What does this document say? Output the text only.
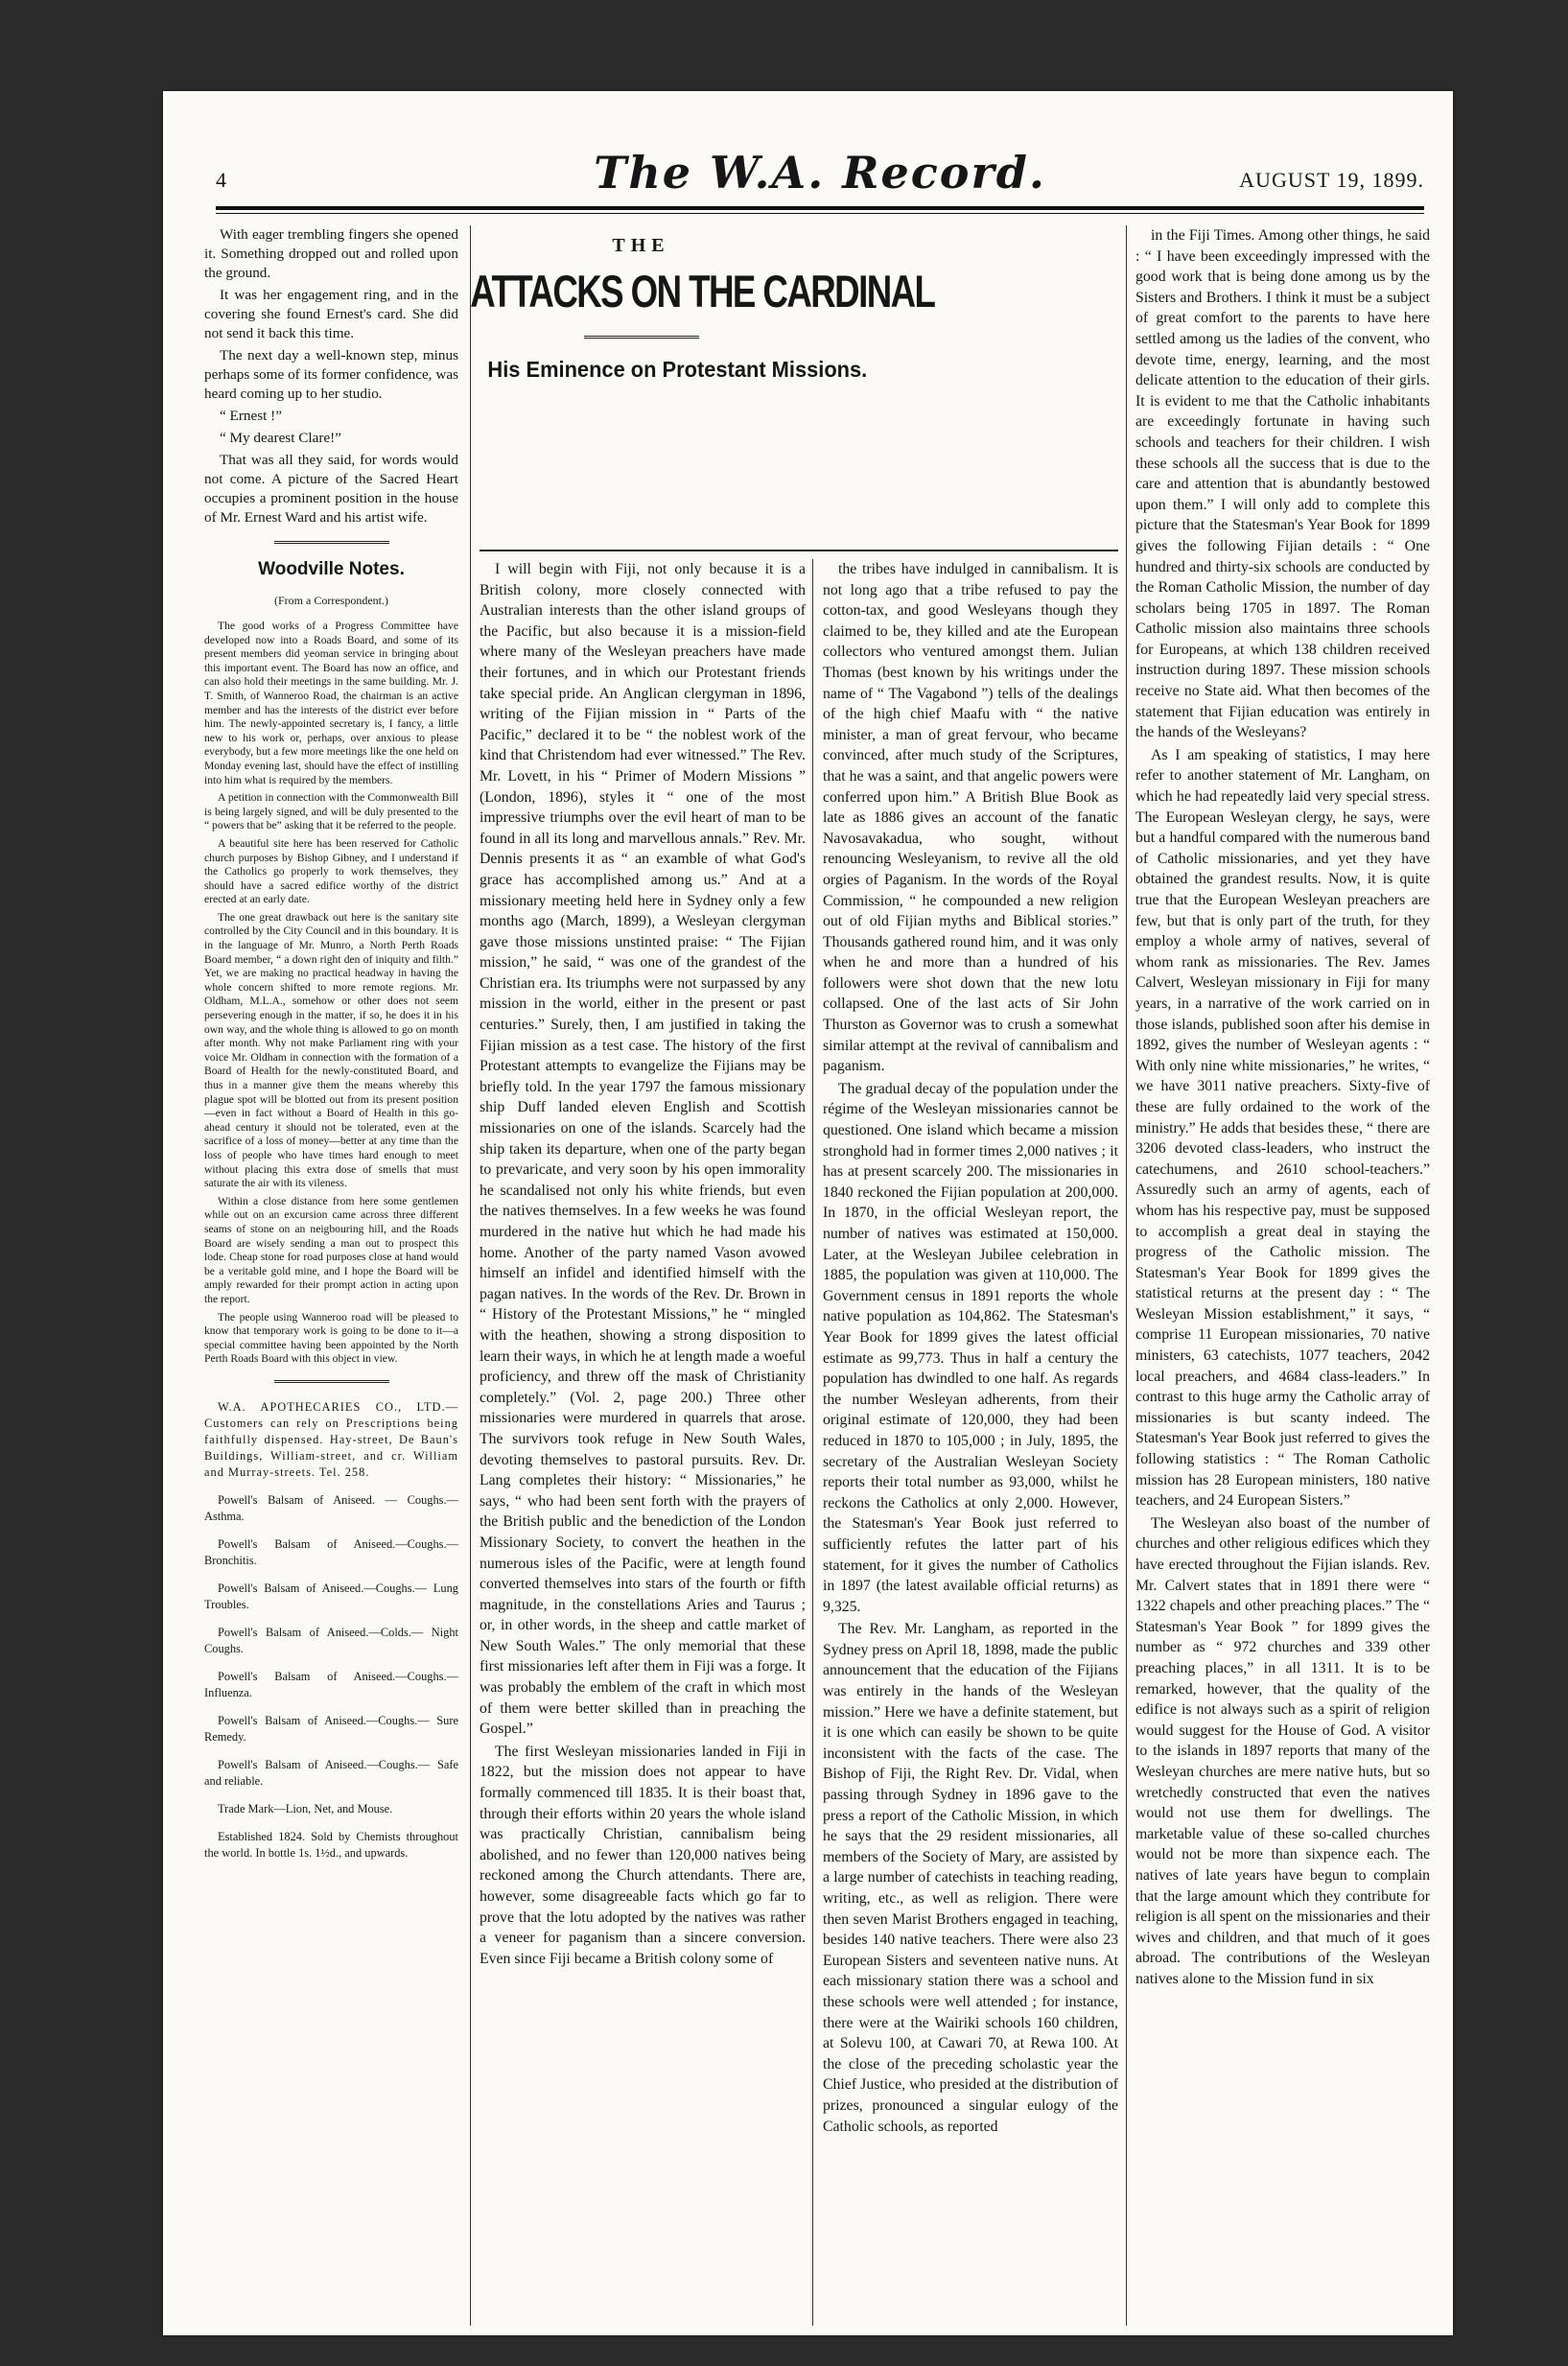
4	The W.A. Record.	AUGUST 19, 1899.

With eager trembling fingers she opened it. Something dropped out and rolled upon the ground.

It was her engagement ring, and in the covering she found Ernest's card. She did not send it back this time.

The next day a well-known step, minus perhaps some of its former confidence, was heard coming up to her studio.

“ Ernest !”

“ My dearest Clare!”

That was all they said, for words would not come. A picture of the Sacred Heart occupies a prominent position in the house of Mr. Ernest Ward and his artist wife.

Woodville Notes.
(From a Correspondent.)

The good works of a Progress Committee have developed now into a Roads Board, and some of its present members did yeoman service in bringing about this important event. The Board has now an office, and can also hold their meetings in the same building. Mr. J. T. Smith, of Wanneroo Road, the chairman is an active member and has the interests of the district ever before him. The newly-appointed secretary is, I fancy, a little new to his work or, perhaps, over anxious to please everybody, but a few more meetings like the one held on Monday evening last, should have the effect of instilling into him what is required by the members.

A petition in connection with the Commonwealth Bill is being largely signed, and will be duly presented to the “ powers that be” asking that it be referred to the people.

A beautiful site here has been reserved for Catholic church purposes by Bishop Gibney, and I understand if the Catholics go properly to work themselves, they should have a sacred edifice worthy of the district erected at an early date.

The one great drawback out here is the sanitary site controlled by the City Council and in this boundary. It is in the language of Mr. Munro, a North Perth Roads Board member, “ a down right den of iniquity and filth.” Yet, we are making no practical headway in having the whole concern shifted to more remote regions. Mr. Oldham, M.L.A., somehow or other does not seem persevering enough in the matter, if so, he does it in his own way, and the whole thing is allowed to go on month after month. Why not make Parliament ring with your voice Mr. Oldham in connection with the formation of a Board of Health for the newly-constituted Board, and thus in a manner give them the means whereby this plague spot will be blotted out from its present position—even in fact without a Board of Health in this go-ahead century it should not be tolerated, even at the sacrifice of a loss of money—better at any time than the loss of people who have times hard enough to meet without placing this extra dose of smells that must saturate the air with its vileness.

Within a close distance from here some gentlemen while out on an excursion came across three different seams of stone on an neigbouring hill, and the Roads Board are wisely sending a man out to prospect this lode. Cheap stone for road purposes close at hand would be a veritable gold mine, and I hope the Board will be amply rewarded for their prompt action in acting upon the report.

The people using Wanneroo road will be pleased to know that temporary work is going to be done to it—a special committee having been appointed by the North Perth Roads Board with this object in view.

W.A. APOTHECARIES CO., LTD.— Customers can rely on Prescriptions being faithfully dispensed. Hay-street, De Baun's Buildings, William-street, and cr. William and Murray-streets. Tel. 258.

Powell's Balsam of Aniseed. — Coughs.— Asthma.

Powell's Balsam of Aniseed.—Coughs.— Bronchitis.

Powell's Balsam of Aniseed.—Coughs.— Lung Troubles.

Powell's Balsam of Aniseed.—Colds.— Night Coughs.

Powell's Balsam of Aniseed.—Coughs.— Influenza.

Powell's Balsam of Aniseed.—Coughs.— Sure Remedy.

Powell's Balsam of Aniseed.—Coughs.— Safe and reliable.

Trade Mark—Lion, Net, and Mouse.

Established 1824. Sold by Chemists throughout the world. In bottle 1s. 1½d., and upwards.

THE
ATTACKS ON THE CARDINAL
His Eminence on Protestant Missions.

I will begin with Fiji, not only because it is a British colony, more closely connected with Australian interests than the other island groups of the Pacific, but also because it is a mission-field where many of the Wesleyan preachers have made their fortunes, and in which our Protestant friends take special pride. An Anglican clergyman in 1896, writing of the Fijian mission in “ Parts of the Pacific,” declared it to be “ the noblest work of the kind that Christendom had ever witnessed.” The Rev. Mr. Lovett, in his “ Primer of Modern Missions ” (London, 1896), styles it “ one of the most impressive triumphs over the evil heart of man to be found in all its long and marvellous annals.” Rev. Mr. Dennis presents it as “ an examble of what God's grace has accomplished among us.” And at a missionary meeting held here in Sydney only a few months ago (March, 1899), a Wesleyan clergyman gave those missions unstinted praise: “ The Fijian mission,” he said, “ was one of the grandest of the Christian era. Its triumphs were not surpassed by any mission in the world, either in the present or past centuries.” Surely, then, I am justified in taking the Fijian mission as a test case. The history of the first Protestant attempts to evangelize the Fijians may be briefly told. In the year 1797 the famous missionary ship Duff landed eleven English and Scottish missionaries on one of the islands. Scarcely had the ship taken its departure, when one of the party began to prevaricate, and very soon by his open immorality he scandalised not only his white friends, but even the natives themselves. In a few weeks he was found murdered in the native hut which he had made his home. Another of the party named Vason avowed himself an infidel and identified himself with the pagan natives. In the words of the Rev. Dr. Brown in “ History of the Protestant Missions,” he “ mingled with the heathen, showing a strong disposition to learn their ways, in which he at length made a woeful proficiency, and threw off the mask of Christianity completely.” (Vol. 2, page 200.) Three other missionaries were murdered in quarrels that arose. The survivors took refuge in New South Wales, devoting themselves to pastoral pursuits. Rev. Dr. Lang completes their history: “ Missionaries,” he says, “ who had been sent forth with the prayers of the British public and the benediction of the London Missionary Society, to convert the heathen in the numerous isles of the Pacific, were at length found converted themselves into stars of the fourth or fifth magnitude, in the constellations Aries and Taurus ; or, in other words, in the sheep and cattle market of New South Wales.” The only memorial that these first missionaries left after them in Fiji was a forge. It was probably the emblem of the craft in which most of them were better skilled than in preaching the Gospel.”

The first Wesleyan missionaries landed in Fiji in 1822, but the mission does not appear to have formally commenced till 1835. It is their boast that, through their efforts within 20 years the whole island was practically Christian, cannibalism being abolished, and no fewer than 120,000 natives being reckoned among the Church attendants. There are, however, some disagreeable facts which go far to prove that the lotu adopted by the natives was rather a veneer for paganism than a sincere conversion. Even since Fiji became a British colony some of

the tribes have indulged in cannibalism. It is not long ago that a tribe refused to pay the cotton-tax, and good Wesleyans though they claimed to be, they killed and ate the European collectors who ventured amongst them. Julian Thomas (best known by his writings under the name of “ The Vagabond ”) tells of the dealings of the high chief Maafu with “ the native minister, a man of great fervour, who became convinced, after much study of the Scriptures, that he was a saint, and that angelic powers were conferred upon him.” A British Blue Book as late as 1886 gives an account of the fanatic Navosavakadua, who sought, without renouncing Wesleyanism, to revive all the old orgies of Paganism. In the words of the Royal Commission, “ he compounded a new religion out of old Fijian myths and Biblical stories.” Thousands gathered round him, and it was only when he and more than a hundred of his followers were shot down that the new lotu collapsed. One of the last acts of Sir John Thurston as Governor was to crush a somewhat similar attempt at the revival of cannibalism and paganism.

The gradual decay of the population under the régime of the Wesleyan missionaries cannot be questioned. One island which became a mission stronghold had in former times 2,000 natives ; it has at present scarcely 200. The missionaries in 1840 reckoned the Fijian population at 200,000. In 1870, in the official Wesleyan report, the number of natives was estimated at 150,000. Later, at the Wesleyan Jubilee celebration in 1885, the population was given at 110,000. The Government census in 1891 reports the whole native population as 104,862. The Statesman's Year Book for 1899 gives the latest official estimate as 99,773. Thus in half a century the population has dwindled to one half. As regards the number Wesleyan adherents, from their original estimate of 120,000, they had been reduced in 1870 to 105,000 ; in July, 1895, the secretary of the Australian Wesleyan Society reports their total number as 93,000, whilst he reckons the Catholics at only 2,000. However, the Statesman's Year Book just referred to sufficiently refutes the latter part of his statement, for it gives the number of Catholics in 1897 (the latest available official returns) as 9,325.

The Rev. Mr. Langham, as reported in the Sydney press on April 18, 1898, made the public announcement that the education of the Fijians was entirely in the hands of the Wesleyan mission.” Here we have a definite statement, but it is one which can easily be shown to be quite inconsistent with the facts of the case. The Bishop of Fiji, the Right Rev. Dr. Vidal, when passing through Sydney in 1896 gave to the press a report of the Catholic Mission, in which he says that the 29 resident missionaries, all members of the Society of Mary, are assisted by a large number of catechists in teaching reading, writing, etc., as well as religion. There were then seven Marist Brothers engaged in teaching, besides 140 native teachers. There were also 23 European Sisters and seventeen native nuns. At each missionary station there was a school and these schools were well attended ; for instance, there were at the Wairiki schools 160 children, at Solevu 100, at Cawari 70, at Rewa 100. At the close of the preceding scholastic year the Chief Justice, who presided at the distribution of prizes, pronounced a singular eulogy of the Catholic schools, as reported

in the Fiji Times. Among other things, he said : “ I have been exceedingly impressed with the good work that is being done among us by the Sisters and Brothers. I think it must be a subject of great comfort to the parents to have here settled among us the ladies of the convent, who devote time, energy, learning, and the most delicate attention to the education of their girls. It is evident to me that the Catholic inhabitants are exceedingly fortunate in having such schools and teachers for their children. I wish these schools all the success that is due to the care and attention that is abundantly bestowed upon them.” I will only add to complete this picture that the Statesman's Year Book for 1899 gives the following Fijian details : “ One hundred and thirty-six schools are conducted by the Roman Catholic Mission, the number of day scholars being 1705 in 1897. The Roman Catholic mission also maintains three schools for Europeans, at which 138 children received instruction during 1897. These mission schools receive no State aid. What then becomes of the statement that Fijian education was entirely in the hands of the Wesleyans?

As I am speaking of statistics, I may here refer to another statement of Mr. Langham, on which he had repeatedly laid very special stress. The European Wesleyan clergy, he says, were but a handful compared with the numerous band of Catholic missionaries, and yet they have obtained the grandest results. Now, it is quite true that the European Wesleyan preachers are few, but that is only part of the truth, for they employ a whole army of natives, several of whom rank as missionaries. The Rev. James Calvert, Wesleyan missionary in Fiji for many years, in a narrative of the work carried on in those islands, published soon after his demise in 1892, gives the number of Wesleyan agents : “ With only nine white missionaries,” he writes, “ we have 3011 native preachers. Sixty-five of these are fully ordained to the work of the ministry.” He adds that besides these, “ there are 3206 devoted class-leaders, who instruct the catechumens, and 2610 school-teachers.” Assuredly such an army of agents, each of whom has his respective pay, must be supposed to accomplish a great deal in staying the progress of the Catholic mission. The Statesman's Year Book for 1899 gives the statistical returns at the present day : “ The Wesleyan Mission establishment,” it says, “ comprise 11 European missionaries, 70 native ministers, 63 catechists, 1077 teachers, 2042 local preachers, and 4684 class-leaders.” In contrast to this huge army the Catholic array of missionaries is but scanty indeed. The Statesman's Year Book just referred to gives the following statistics : “ The Roman Catholic mission has 28 European ministers, 180 native teachers, and 24 European Sisters.”

The Wesleyan also boast of the number of churches and other religious edifices which they have erected throughout the Fijian islands. Rev. Mr. Calvert states that in 1891 there were “ 1322 chapels and other preaching places.” The “ Statesman's Year Book ” for 1899 gives the number as “ 972 churches and 339 other preaching places,” in all 1311. It is to be remarked, however, that the quality of the edifice is not always such as a spirit of religion would suggest for the House of God. A visitor to the islands in 1897 reports that many of the Wesleyan churches are mere native huts, but so wretchedly constructed that even the natives would not use them for dwellings. The marketable value of these so-called churches would not be more than sixpence each. The natives of late years have begun to complain that the large amount which they contribute for religion is all spent on the missionaries and their wives and children, and that much of it goes abroad. The contributions of the Wesleyan natives alone to the Mission fund in six
